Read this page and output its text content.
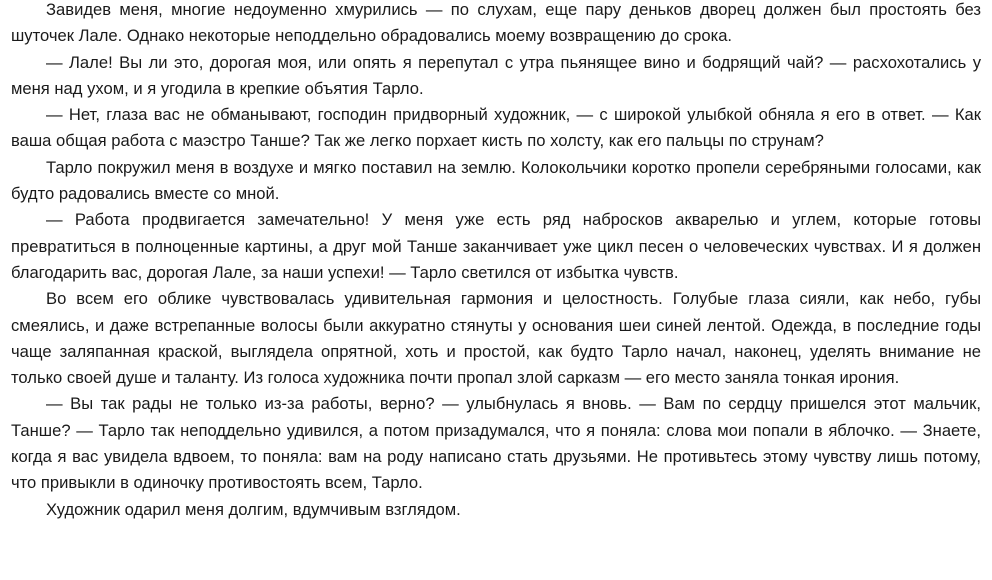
Завидев меня, многие недоуменно хмурились — по слухам, еще пару деньков дворец должен был простоять без шуточек Лале. Однако некоторые неподдельно обрадовались моему возвращению до срока.

— Лале! Вы ли это, дорогая моя, или опять я перепутал с утра пьянящее вино и бодрящий чай? — расхохотались у меня над ухом, и я угодила в крепкие объятия Тарло.

— Нет, глаза вас не обманывают, господин придворный художник, — с широкой улыбкой обняла я его в ответ. — Как ваша общая работа с маэстро Танше? Так же легко порхает кисть по холсту, как его пальцы по струнам?

Тарло покружил меня в воздухе и мягко поставил на землю. Колокольчики коротко пропели серебряными голосами, как будто радовались вместе со мной.

— Работа продвигается замечательно! У меня уже есть ряд набросков акварелью и углем, которые готовы превратиться в полноценные картины, а друг мой Танше заканчивает уже цикл песен о человеческих чувствах. И я должен благодарить вас, дорогая Лале, за наши успехи! — Тарло светился от избытка чувств.

Во всем его облике чувствовалась удивительная гармония и целостность. Голубые глаза сияли, как небо, губы смеялись, и даже встрепанные волосы были аккуратно стянуты у основания шеи синей лентой. Одежда, в последние годы чаще заляпанная краской, выглядела опрятной, хоть и простой, как будто Тарло начал, наконец, уделять внимание не только своей душе и таланту. Из голоса художника почти пропал злой сарказм — его место заняла тонкая ирония.

— Вы так рады не только из-за работы, верно? — улыбнулась я вновь. — Вам по сердцу пришелся этот мальчик, Танше? — Тарло так неподдельно удивился, а потом призадумался, что я поняла: слова мои попали в яблочко. — Знаете, когда я вас увидела вдвоем, то поняла: вам на роду написано стать друзьями. Не противьтесь этому чувству лишь потому, что привыкли в одиночку противостоять всем, Тарло.

Художник одарил меня долгим, вдумчивым взглядом.
